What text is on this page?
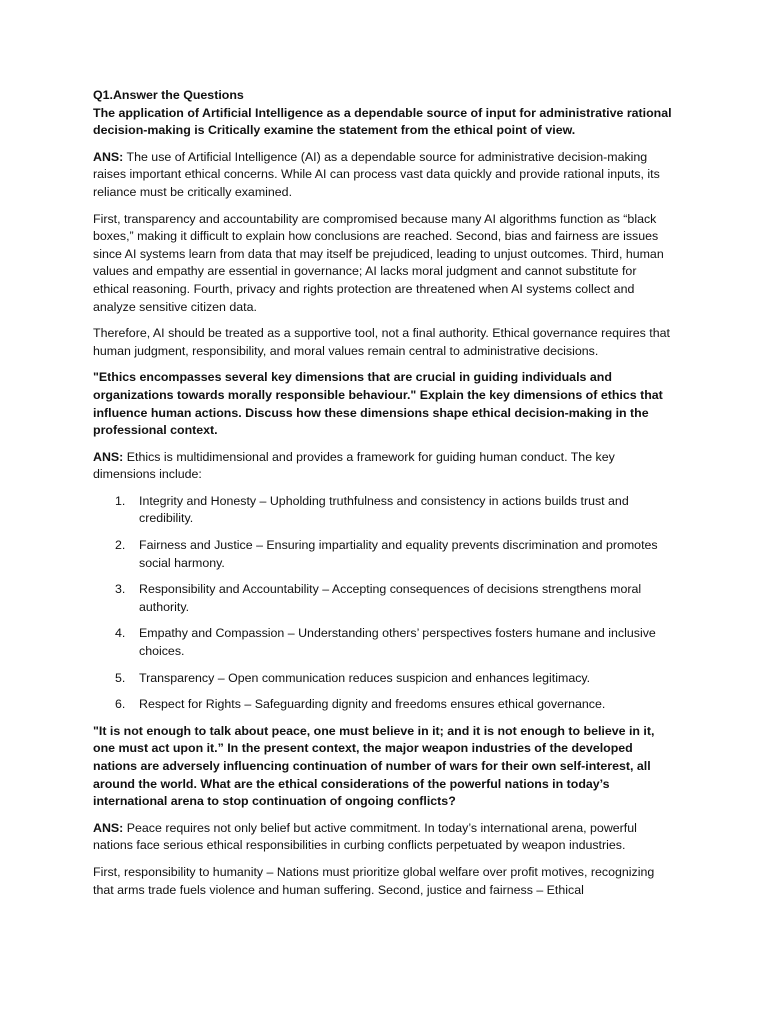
Q1.Answer the Questions

The application of Artificial Intelligence as a dependable source of input for administrative rational decision-making is Critically examine the statement from the ethical point of view.

ANS: The use of Artificial Intelligence (AI) as a dependable source for administrative decision-making raises important ethical concerns. While AI can process vast data quickly and provide rational inputs, its reliance must be critically examined.

First, transparency and accountability are compromised because many AI algorithms function as “black boxes,” making it difficult to explain how conclusions are reached. Second, bias and fairness are issues since AI systems learn from data that may itself be prejudiced, leading to unjust outcomes. Third, human values and empathy are essential in governance; AI lacks moral judgment and cannot substitute for ethical reasoning. Fourth, privacy and rights protection are threatened when AI systems collect and analyze sensitive citizen data.

Therefore, AI should be treated as a supportive tool, not a final authority. Ethical governance requires that human judgment, responsibility, and moral values remain central to administrative decisions.

"Ethics encompasses several key dimensions that are crucial in guiding individuals and organizations towards morally responsible behaviour." Explain the key dimensions of ethics that influence human actions. Discuss how these dimensions shape ethical decision-making in the professional context.

ANS: Ethics is multidimensional and provides a framework for guiding human conduct. The key dimensions include:

1. Integrity and Honesty – Upholding truthfulness and consistency in actions builds trust and credibility.
2. Fairness and Justice – Ensuring impartiality and equality prevents discrimination and promotes social harmony.
3. Responsibility and Accountability – Accepting consequences of decisions strengthens moral authority.
4. Empathy and Compassion – Understanding others’ perspectives fosters humane and inclusive choices.
5. Transparency – Open communication reduces suspicion and enhances legitimacy.
6. Respect for Rights – Safeguarding dignity and freedoms ensures ethical governance.

"It is not enough to talk about peace, one must believe in it; and it is not enough to believe in it, one must act upon it.” In the present context, the major weapon industries of the developed nations are adversely influencing continuation of number of wars for their own self-interest, all around the world. What are the ethical considerations of the powerful nations in today’s international arena to stop continuation of ongoing conflicts?

ANS: Peace requires not only belief but active commitment. In today’s international arena, powerful nations face serious ethical responsibilities in curbing conflicts perpetuated by weapon industries.

First, responsibility to humanity – Nations must prioritize global welfare over profit motives, recognizing that arms trade fuels violence and human suffering. Second, justice and fairness – Ethical
